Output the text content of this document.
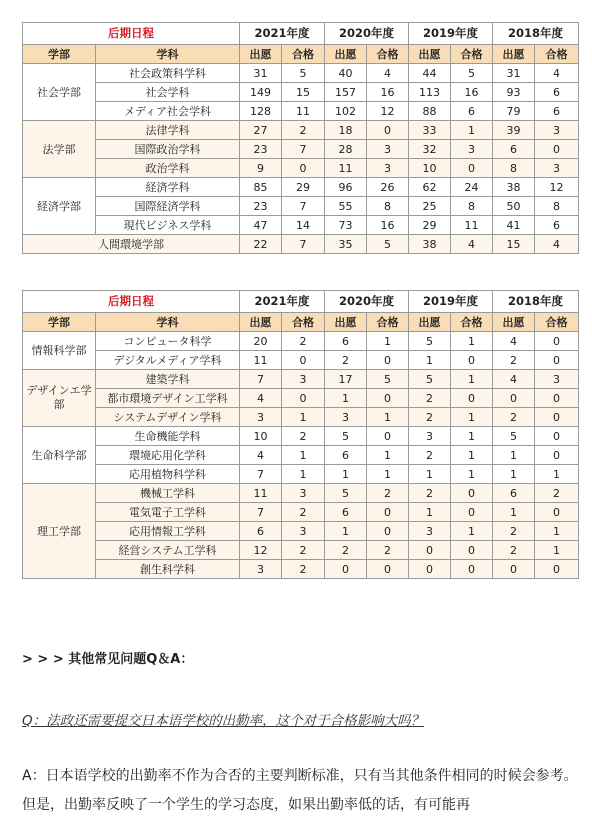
后期日程		2021年度		2020年度		2019年度		2018年度	
学部	学科	出愿	合格	出愿	合格	出愿	合格	出愿	合格
社会学部	社会政策科学科	31	5	40	4	44	5	31	4
	社会学科	149	15	157	16	113	16	93	6
	メディア社会学科	128	11	102	12	88	6	79	6
法学部	法律学科	27	2	18	0	33	1	39	3
	国際政治学科	23	7	28	3	32	3	6	0
	政治学科	9	0	11	3	10	0	8	3
経済学部	経済学科	85	29	96	26	62	24	38	12
	国際経済学科	23	7	55	8	25	8	50	8
	現代ビジネス学科	47	14	73	16	29	11	41	6
人間環境学部		22	7	35	5	38	4	15	4
后期日程		2021年度		2020年度		2019年度		2018年度	
学部	学科	出愿	合格	出愿	合格	出愿	合格	出愿	合格
情報科学部	コンピュータ科学	20	2	6	1	5	1	4	0
	デジタルメディア学科	11	0	2	0	1	0	2	0
デザインエ学部	建築学科	7	3	17	5	5	1	4	3
	都市環境デザイン工学科	4	0	1	0	2	0	0	0
	システムデザイン学科	3	1	3	1	2	1	2	0
生命科学部	生命機能学科	10	2	5	0	3	1	5	0
	環境応用化学科	4	1	6	1	2	1	1	0
	応用植物科学科	7	1	1	1	1	1	1	1
理工学部	機械工学科	11	3	5	2	2	0	6	2
	電気電子工学科	7	2	6	0	1	0	1	0
	応用情報工学科	6	3	1	0	3	1	2	1
	経営システム工学科	12	2	2	2	0	0	2	1
	創生科学科	3	2	0	0	0	0	0	0
> > > 其他常见问题Q＆A：
Q：法政还需要提交日本语学校的出勤率，这个对于合格影响大吗？
A：日本语学校的出勤率不作为合否的主要判断标准，只有当其他条件相同的时候会参考。但是，出勤率反映了一个学生的学习态度，如果出勤率低的话，有可能再
